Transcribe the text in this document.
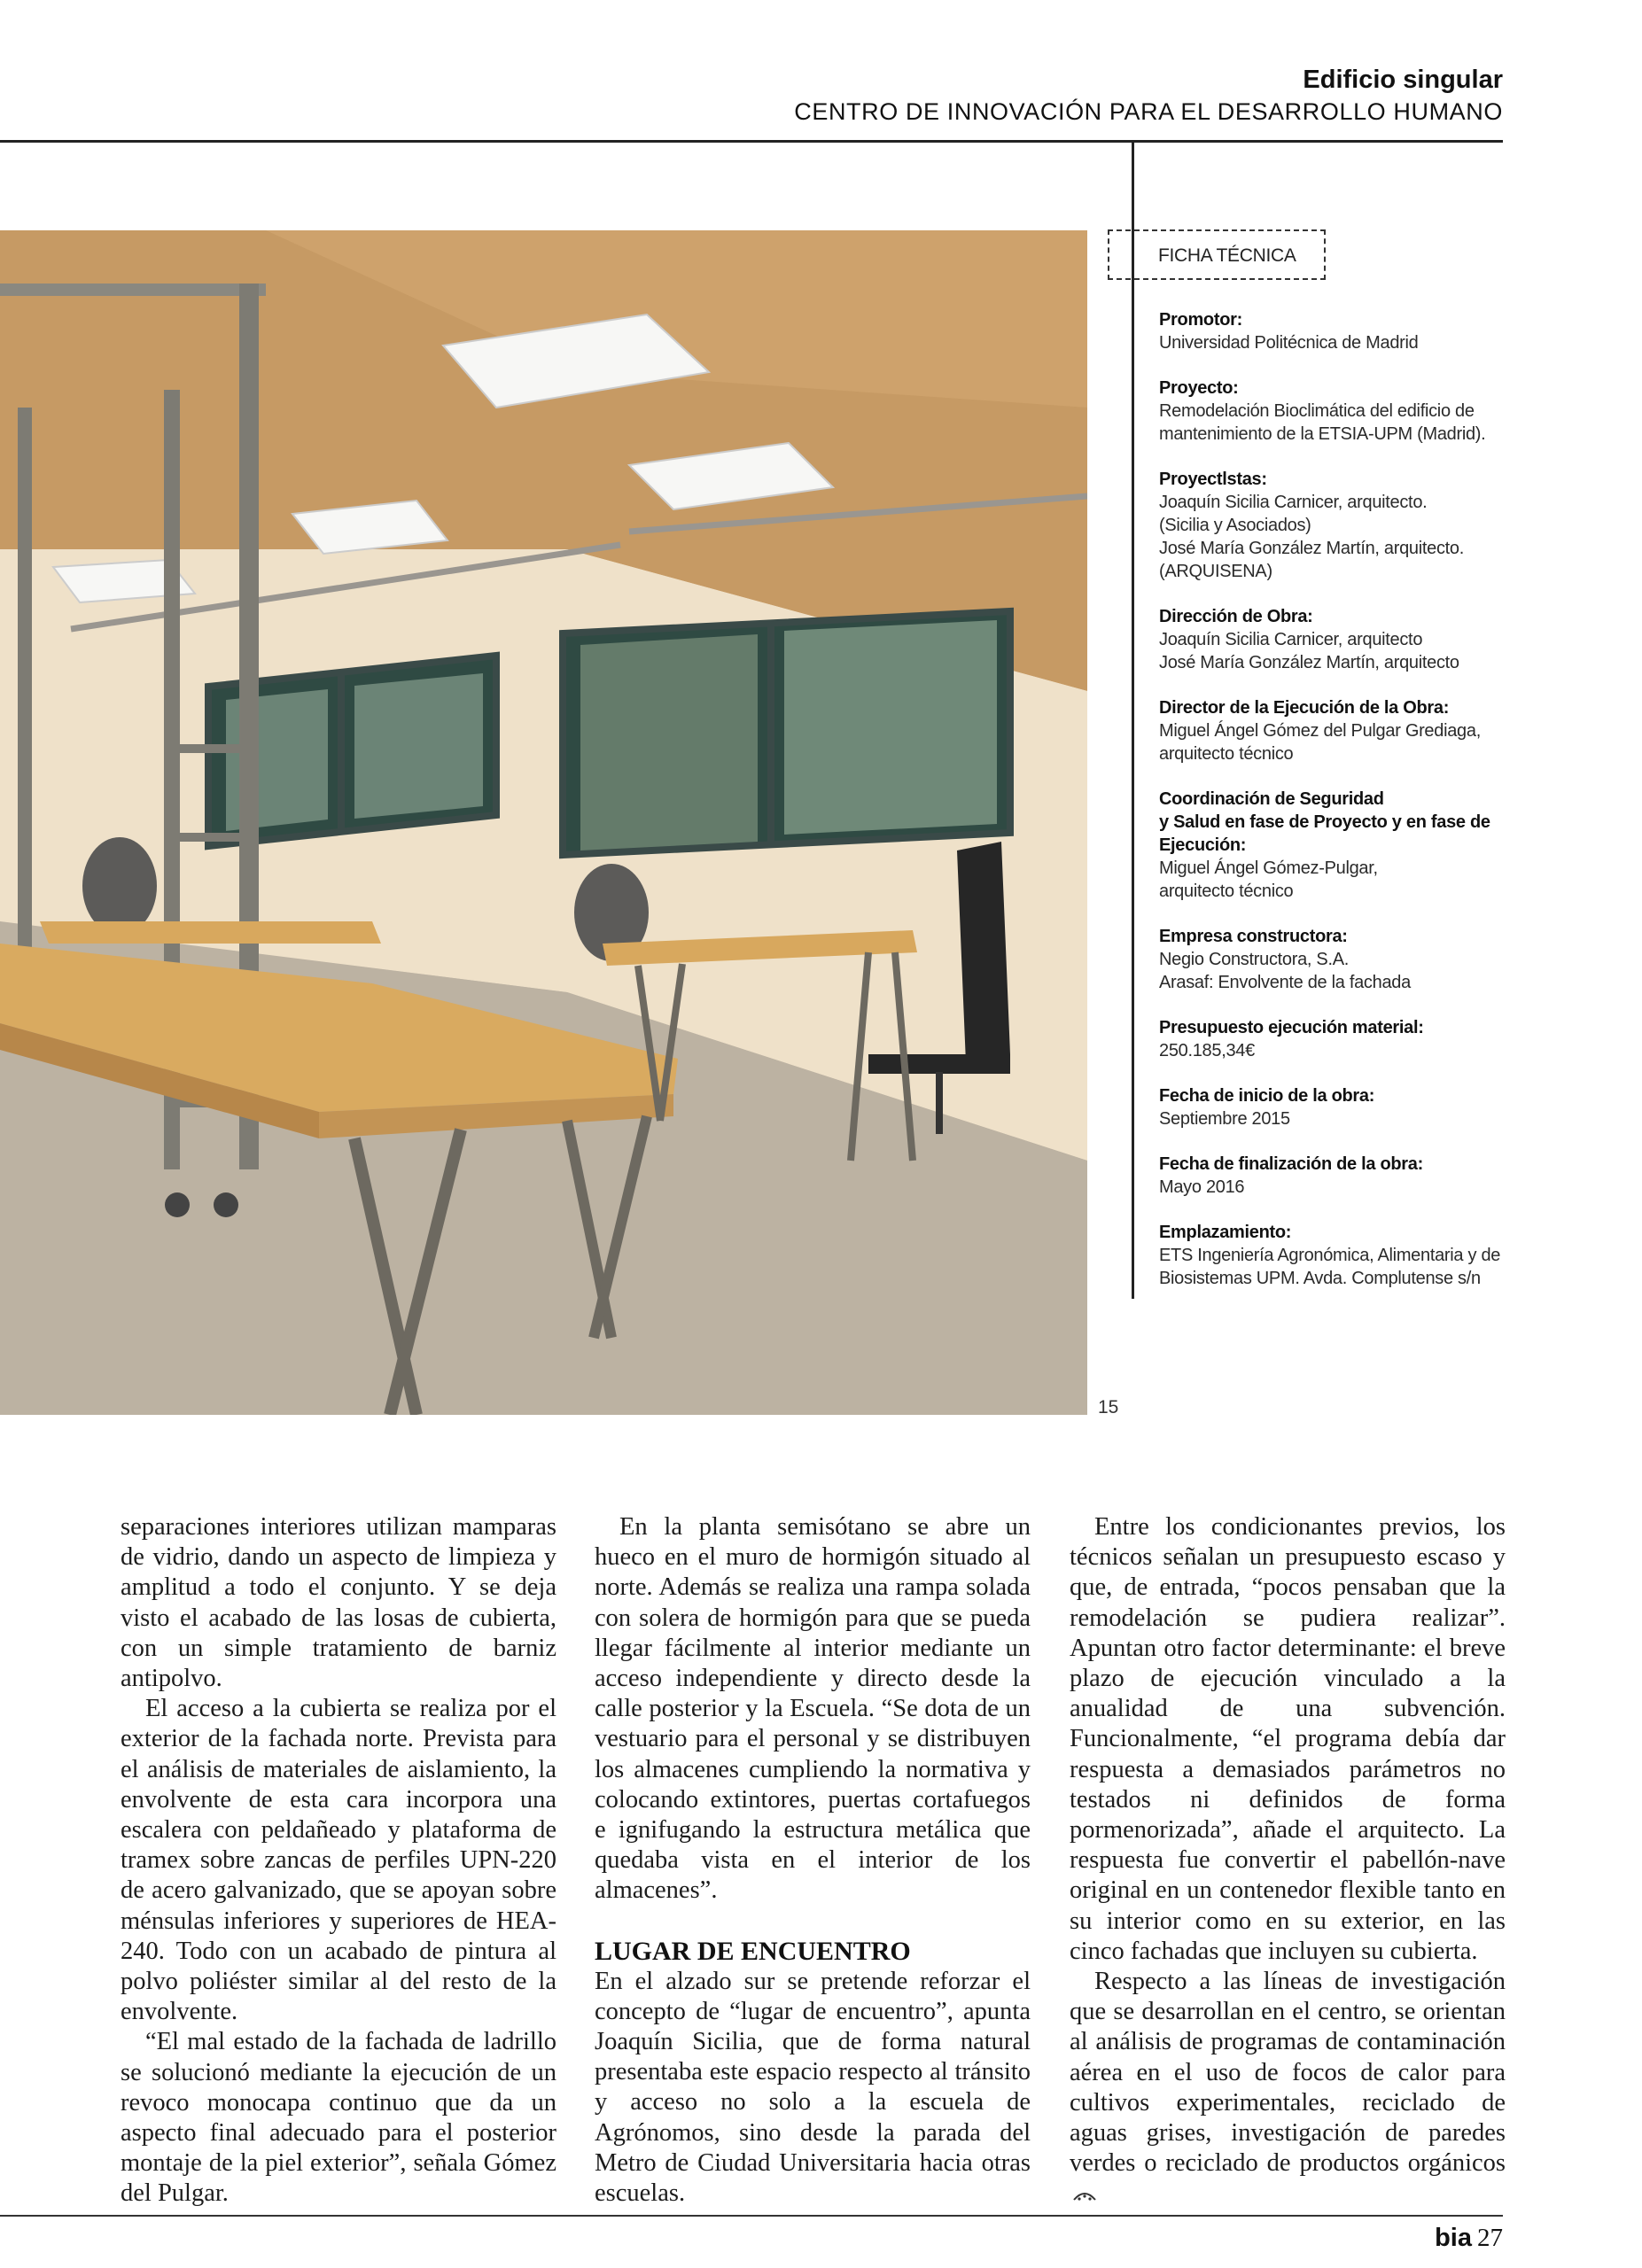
Edificio singular
CENTRO DE INNOVACIÓN PARA EL DESARROLLO HUMANO
15
FICHA TÉCNICA
Promotor:
Universidad Politécnica de Madrid
Proyecto:
Remodelación Bioclimática del edificio de
mantenimiento de la ETSIA-UPM (Madrid).
Proyectlstas:
Joaquín Sicilia Carnicer, arquitecto.
(Sicilia y Asociados)
José María González Martín, arquitecto.
(ARQUISENA)
Dirección de Obra:
Joaquín Sicilia Carnicer, arquitecto
José María González Martín, arquitecto
Director de la Ejecución de la Obra:
Miguel Ángel Gómez del Pulgar Grediaga,
arquitecto técnico
Coordinación de Seguridad
y Salud en fase de Proyecto y en fase de
Ejecución:
Miguel Ángel Gómez-Pulgar,
arquitecto técnico
Empresa constructora:
Negio Constructora, S.A.
Arasaf: Envolvente de la fachada
Presupuesto ejecución material:
250.185,34€
Fecha de inicio de la obra:
Septiembre 2015
Fecha de finalización de la obra:
Mayo 2016
Emplazamiento:
ETS Ingeniería Agronómica, Alimentaria y de
Biosistemas UPM. Avda. Complutense s/n

separaciones interiores utilizan mamparas de vidrio, dando un aspecto de limpieza y amplitud a todo el conjunto. Y se deja visto el acabado de las losas de cubierta, con un simple tratamiento de barniz antipolvo.

El acceso a la cubierta se realiza por el exterior de la fachada norte. Prevista para el análisis de materiales de aislamiento, la envolvente de esta cara incorpora una escalera con peldañeado y plataforma de tramex sobre zancas de perfiles UPN-220 de acero galvanizado, que se apoyan sobre ménsulas inferiores y superiores de HEA-240. Todo con un acabado de pintura al polvo poliéster similar al del resto de la envolvente.

“El mal estado de la fachada de ladrillo se solucionó mediante la ejecución de un revoco monocapa continuo que da un aspecto final adecuado para el posterior montaje de la piel exterior”, señala Gómez del Pulgar.

En la planta semisótano se abre un hueco en el muro de hormigón situado al norte. Además se realiza una rampa solada con solera de hormigón para que se pueda llegar fácilmente al interior mediante un acceso independiente y directo desde la calle posterior y la Escuela. “Se dota de un vestuario para el personal y se distribuyen los almacenes cumpliendo la normativa y colocando extintores, puertas cortafuegos e ignifugando la estructura metálica que quedaba vista en el interior de los almacenes”.

LUGAR DE ENCUENTRO

En el alzado sur se pretende reforzar el concepto de “lugar de encuentro”, apunta Joaquín Sicilia, que de forma natural presentaba este espacio respecto al tránsito y acceso no solo a la escuela de Agrónomos, sino desde la parada del Metro de Ciudad Universitaria hacia otras escuelas.

Entre los condicionantes previos, los técnicos señalan un presupuesto escaso y que, de entrada, “pocos pensaban que la remodelación se pudiera realizar”. Apuntan otro factor determinante: el breve plazo de ejecución vinculado a la anualidad de una subvención. Funcionalmente, “el programa debía dar respuesta a demasiados parámetros no testados ni definidos de forma pormenorizada”, añade el arquitecto. La respuesta fue convertir el pabellón-nave original en un contenedor flexible tanto en su interior como en su exterior, en las cinco fachadas que incluyen su cubierta.

Respecto a las líneas de investigación que se desarrollan en el centro, se orientan al análisis de programas de contaminación aérea en el uso de focos de calor para cultivos experimentales, reciclado de aguas grises, investigación de paredes verdes o reciclado de productos orgánicos

bia 27
